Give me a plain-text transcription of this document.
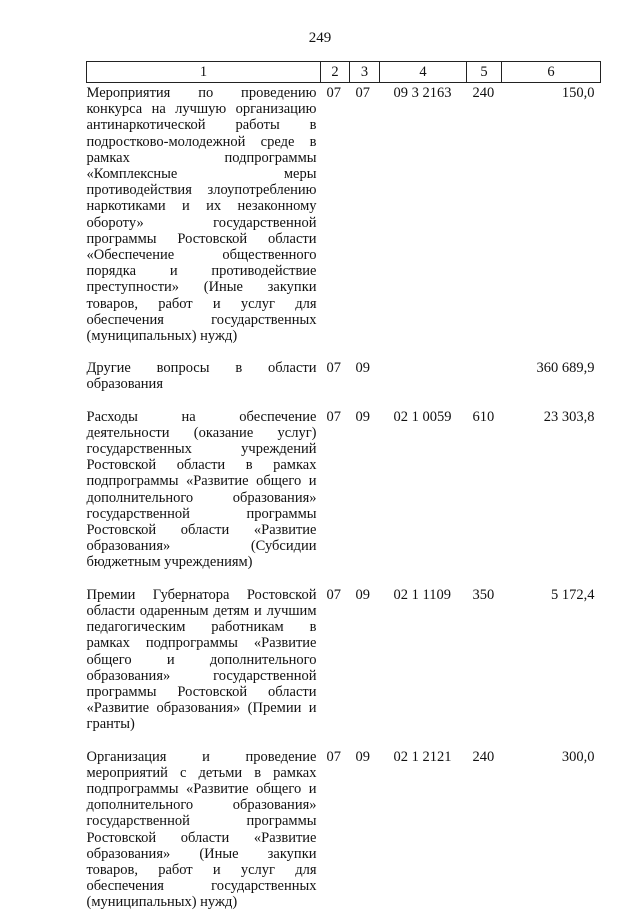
249
1	2	3	4	5	6
Мероприятия по проведению конкурса на лучшую организацию антинаркотической работы в подростково-молодежной среде в рамках подпрограммы «Комплексные меры противодействия злоупотреблению наркотиками и их незаконному обороту» государственной программы Ростовской области «Обеспечение общественного порядка и противодействие преступности» (Иные закупки товаров, работ и услуг для обеспечения государственных (муниципальных) нужд)	07	07	09 3 2163	240	150,0

Другие вопросы в области образования	07	09			360 689,9

Расходы на обеспечение деятельности (оказание услуг) государственных учреждений Ростовской области в рамках подпрограммы «Развитие общего и дополнительного образования» государственной программы Ростовской области «Развитие образования» (Субсидии бюджетным учреждениям)	07	09	02 1 0059	610	23 303,8

Премии Губернатора Ростовской области одаренным детям и лучшим педагогическим работникам в рамках подпрограммы «Развитие общего и дополнительного образования» государственной программы Ростовской области «Развитие образования» (Премии и гранты)	07	09	02 1 1109	350	5 172,4

Организация и проведение мероприятий с детьми в рамках подпрограммы «Развитие общего и дополнительного образования» государственной программы Ростовской области «Развитие образования» (Иные закупки товаров, работ и услуг для обеспечения государственных (муниципальных) нужд)	07	09	02 1 2121	240	300,0
